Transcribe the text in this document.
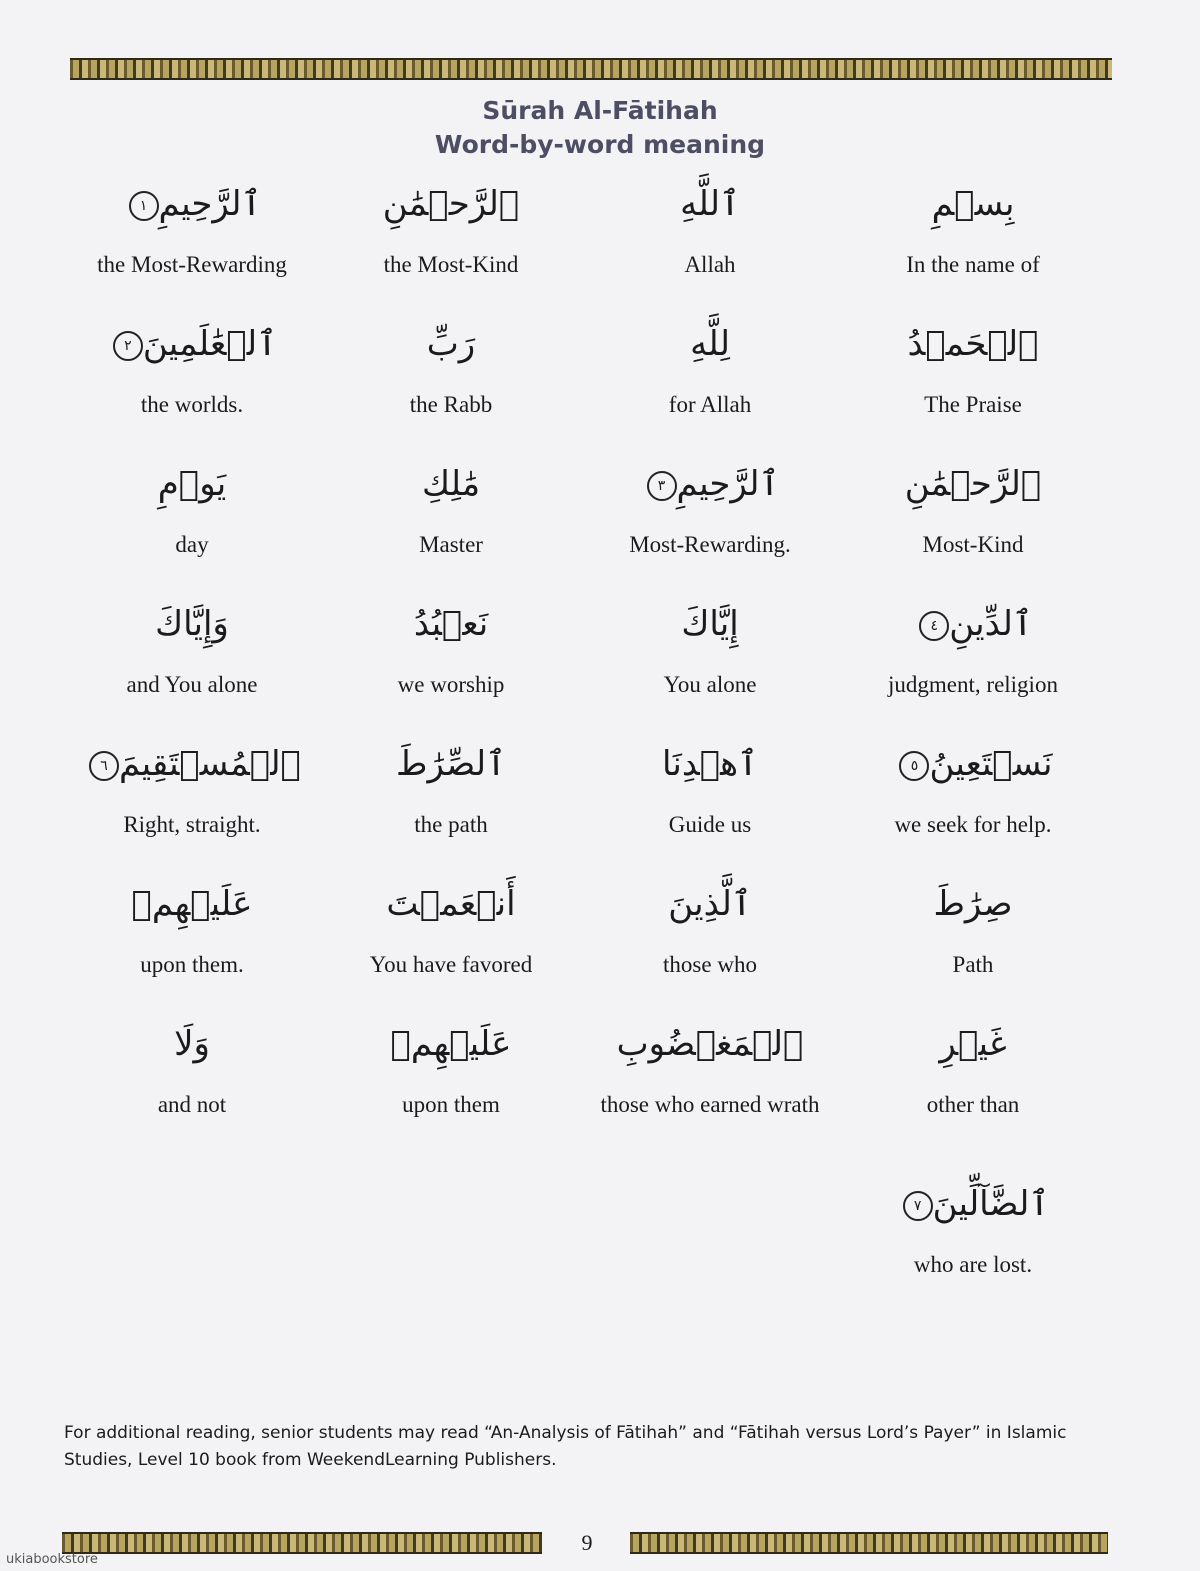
Sūrah Al-Fātihah
Word-by-word meaning
بِسۡمِ
In the name of
ٱللَّهِ
Allah
ٱلرَّحۡمَٰنِ
the Most-Kind
ٱلرَّحِيمِ١
the Most-Rewarding
ٱلۡحَمۡدُ
The Praise
لِلَّهِ
for Allah
رَبِّ
the Rabb
ٱلۡعَٰلَمِينَ٢
the worlds.
ٱلرَّحۡمَٰنِ
Most-Kind
ٱلرَّحِيمِ٣
Most-Rewarding.
مَٰلِكِ
Master
يَوۡمِ
day
ٱلدِّينِ٤
judgment, religion
إِيَّاكَ
You alone
نَعۡبُدُ
we worship
وَإِيَّاكَ
and You alone
نَسۡتَعِينُ٥
we seek for help.
ٱهۡدِنَا
Guide us
ٱلصِّرَٰطَ
the path
ٱلۡمُسۡتَقِيمَ٦
Right, straight.
صِرَٰطَ
Path
ٱلَّذِينَ
those who
أَنۡعَمۡتَ
You have favored
عَلَيۡهِمۡ
upon them.
غَيۡرِ
other than
ٱلۡمَغۡضُوبِ
those who earned wrath
عَلَيۡهِمۡ
upon them
وَلَا
and not
ٱلضَّآلِّينَ٧
who are lost.
For additional reading, senior students may read “An-Analysis of Fātihah” and “Fātihah versus Lord’s Payer” in Islamic Studies, Level 10 book from WeekendLearning Publishers.
9
ukiabookstore
